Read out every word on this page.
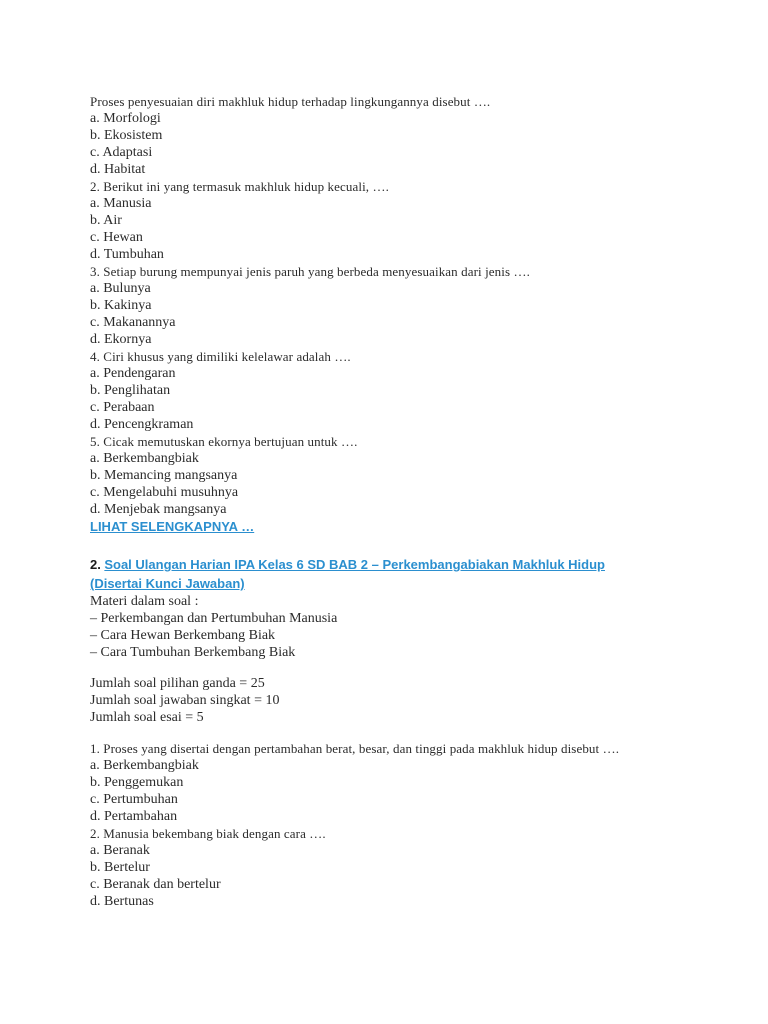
Proses penyesuaian diri makhluk hidup terhadap lingkungannya disebut ….
a. Morfologi
b. Ekosistem
c. Adaptasi
d. Habitat
2. Berikut ini yang termasuk makhluk hidup kecuali, ….
a. Manusia
b. Air
c. Hewan
d. Tumbuhan
3. Setiap burung mempunyai jenis paruh yang berbeda menyesuaikan dari jenis ….
a. Bulunya
b. Kakinya
c. Makanannya
d. Ekornya
4. Ciri khusus yang dimiliki kelelawar adalah ….
a. Pendengaran
b. Penglihatan
c. Perabaan
d. Pencengkraman
5. Cicak memutuskan ekornya bertujuan untuk ….
a. Berkembangbiak
b. Memancing mangsanya
c. Mengelabuhi musuhnya
d. Menjebak mangsanya
LIHAT SELENGKAPNYA …
2. Soal Ulangan Harian IPA Kelas 6 SD BAB 2 – Perkembangabiakan Makhluk Hidup
(Disertai Kunci Jawaban)
Materi dalam soal :
– Perkembangan dan Pertumbuhan Manusia
– Cara Hewan Berkembang Biak
– Cara Tumbuhan Berkembang Biak
Jumlah soal pilihan ganda = 25
Jumlah soal jawaban singkat = 10
Jumlah soal esai = 5
1. Proses yang disertai dengan pertambahan berat, besar, dan tinggi pada makhluk hidup disebut ….
a. Berkembangbiak
b. Penggemukan
c. Pertumbuhan
d. Pertambahan
2. Manusia bekembang biak dengan cara ….
a. Beranak
b. Bertelur
c. Beranak dan bertelur
d. Bertunas
